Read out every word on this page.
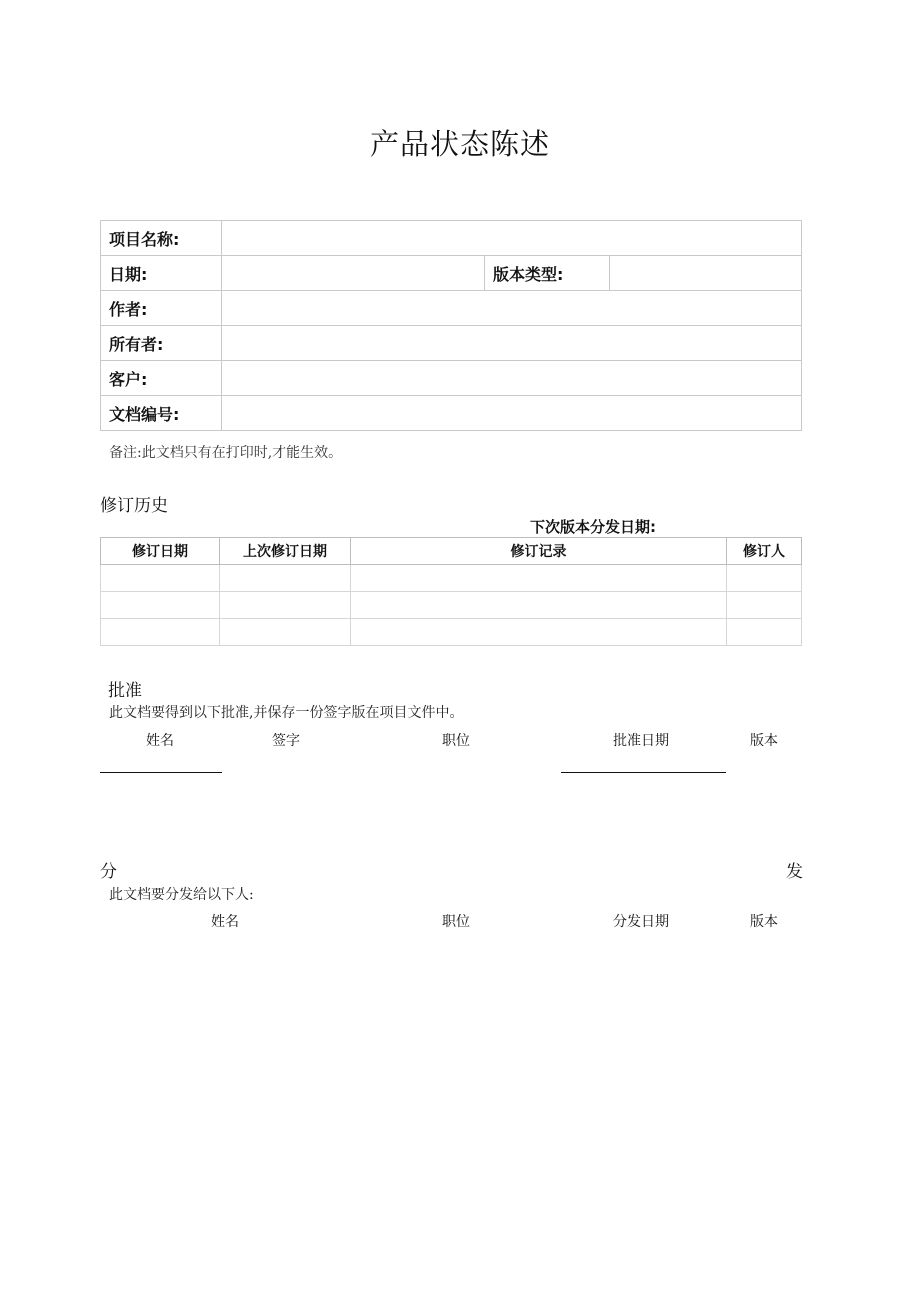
产品状态陈述
项目名称:			
日期:		版本类型:	
作者:			
所有者:			
客户:			
文档编号:			
备注:此文档只有在打印时,才能生效。
修订历史
下次版本分发日期:
修订日期	上次修订日期	修订记录	修订人

批准
此文档要得到以下批准,并保存一份签字版在项目文件中。
姓名	签字	职位	批准日期	版本
分	发
此文档要分发给以下人:
姓名	职位	分发日期	版本
